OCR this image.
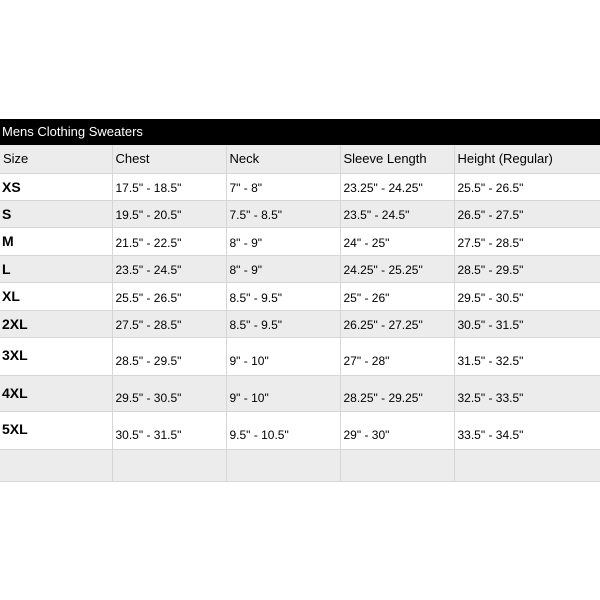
Mens Clothing Sweaters
Size	Chest	Neck	Sleeve Length	Height (Regular)
XS	17.5" - 18.5"	7" - 8"	23.25" - 24.25"	25.5" - 26.5"
S	19.5" - 20.5"	7.5" - 8.5"	23.5" - 24.5"	26.5" - 27.5"
M	21.5" - 22.5"	8" - 9"	24" - 25"	27.5" - 28.5"
L	23.5" - 24.5"	8" - 9"	24.25" - 25.25"	28.5" - 29.5"
XL	25.5" - 26.5"	8.5" - 9.5"	25" - 26"	29.5" - 30.5"
2XL	27.5" - 28.5"	8.5" - 9.5"	26.25" - 27.25"	30.5" - 31.5"
3XL	28.5" - 29.5"	9" - 10"	27" - 28"	31.5" - 32.5"
4XL	29.5" - 30.5"	9" - 10"	28.25" - 29.25"	32.5" - 33.5"
5XL	30.5" - 31.5"	9.5" - 10.5"	29" - 30"	33.5" - 34.5"
